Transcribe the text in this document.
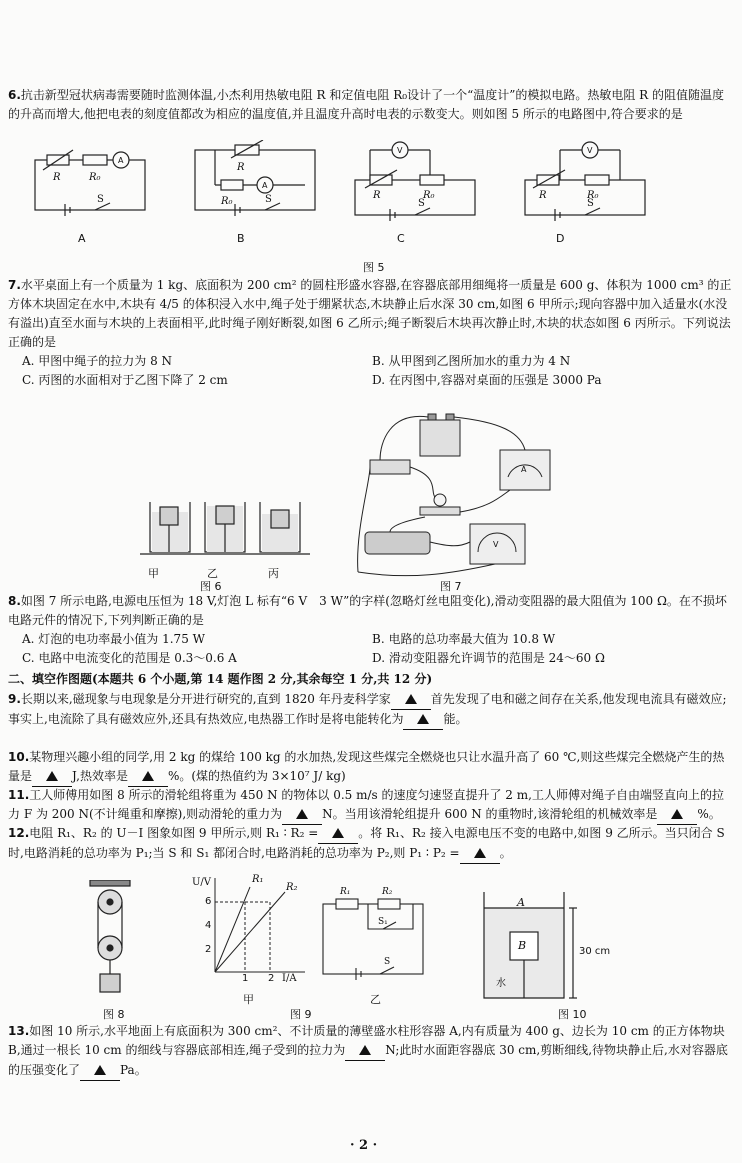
6.抗击新型冠状病毒需要随时监测体温,小杰利用热敏电阻 R 和定值电阻 R₀设计了一个“温度计”的模拟电路。热敏电阻 R 的阻值随温度的升高而增大,他把电表的刻度值都改为相应的温度值,并且温度升高时电表的示数变大。则如图 5 所示的电路图中,符合要求的是

R	R₀
R
R₀
R	R₀	R	R₀
S	S	S	S
A
A
V	V
A	B	C	D
图 5

7.水平桌面上有一个质量为 1 kg、底面积为 200 cm² 的圆柱形盛水容器,在容器底部用细绳将一质量是 600 g、体积为 1000 cm³ 的正方体木块固定在水中,木块有 4/5 的体积浸入水中,绳子处于绷紧状态,木块静止后水深 30 cm,如图 6 甲所示;现向容器中加入适量水(水没有溢出)直至水面与木块的上表面相平,此时绳子刚好断裂,如图 6 乙所示;绳子断裂后木块再次静止时,木块的状态如图 6 丙所示。下列说法正确的是

A. 甲图中绳子的拉力为 8 N	B. 从甲图到乙图所加水的重力为 4 N
C. 丙图的水面相对于乙图下降了 2 cm	D. 在丙图中,容器对桌面的压强是 3000 Pa
甲	乙	丙
图 6
A
V
图 7

8.如图 7 所示电路,电源电压恒为 18 V,灯泡 L 标有“6 V　3 W”的字样(忽略灯丝电阻变化),滑动变阻器的最大阻值为 100 Ω。在不损坏电路元件的情况下,下列判断正确的是

A. 灯泡的电功率最小值为 1.75 W	B. 电路的总功率最大值为 10.8 W
C. 电路中电流变化的范围是 0.3～0.6 A	D. 滑动变阻器允许调节的范围是 24～60 Ω
二、填空作图题(本题共 6 个小题,第 14 题作图 2 分,其余每空 1 分,共 12 分)

9.长期以来,磁现象与电现象是分开进行研究的,直到 1820 年丹麦科学家	首先发现了电和磁之间存在关系,他发现电流具有磁效应;事实上,电流除了具有磁效应外,还具有热效应,电热器工作时是将电能转化为	能。

10.某物理兴趣小组的同学,用 2 kg 的煤给 100 kg 的水加热,发现这些煤完全燃烧也只让水温升高了 60 ℃,则这些煤完全燃烧产生的热量是	J,热效率是	%。(煤的热值约为 3×10⁷ J/ kg)

11.工人师傅用如图 8 所示的滑轮组将重为 450 N 的物体以 0.5 m/s 的速度匀速竖直提升了 2 m,工人师傅对绳子自由端竖直向上的拉力 F 为 200 N(不计绳重和摩擦),则动滑轮的重力为	N。当用该滑轮组提升 600 N 的重物时,该滑轮组的机械效率是	%。

12.电阻 R₁、R₂ 的 U－I 图象如图 9 甲所示,则 R₁ ∶ R₂ =	。将 R₁、R₂ 接入电源电压不变的电路中,如图 9 乙所示。当只闭合 S 时,电路消耗的总功率为 P₁;当 S 和 S₁ 都闭合时,电路消耗的总功率为 P₂,则 P₁ ∶ P₂ =	。

图 8
U/V
6
4
2
1 2 I/A
R₁
R₂
甲
R₁	R₂
S₁
S
乙
图 9
A
B	30 cm
水
图 10

13.如图 10 所示,水平地面上有底面积为 300 cm²、不计质量的薄壁盛水柱形容器 A,内有质量为 400 g、边长为 10 cm 的正方体物块 B,通过一根长 10 cm 的细线与容器底部相连,绳子受到的拉力为	N;此时水面距容器底 30 cm,剪断细线,待物块静止后,水对容器底的压强变化了	Pa。

· 2 ·
